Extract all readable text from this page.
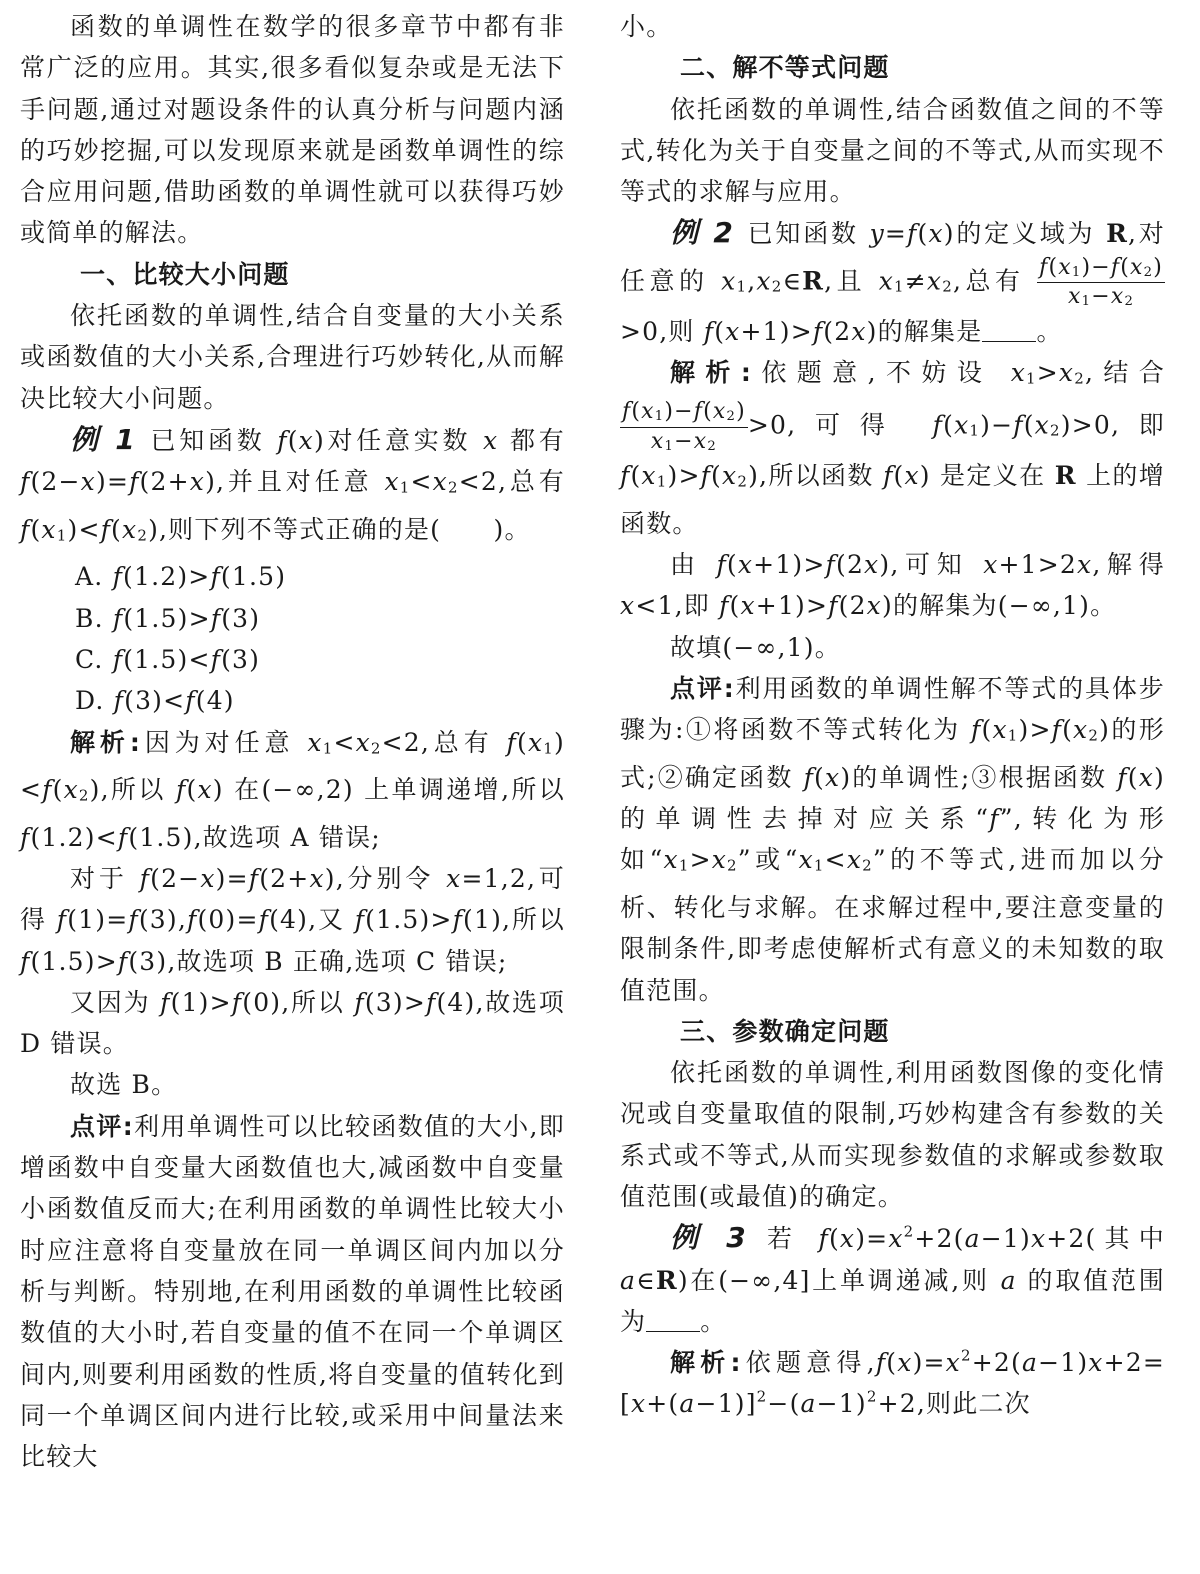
函数的单调性在数学的很多章节中都有非常广泛的应用。其实,很多看似复杂或是无法下手问题,通过对题设条件的认真分析与问题内涵的巧妙挖掘,可以发现原来就是函数单调性的综合应用问题,借助函数的单调性就可以获得巧妙或简单的解法。

一、比较大小问题

依托函数的单调性,结合自变量的大小关系或函数值的大小关系,合理进行巧妙转化,从而解决比较大小问题。

例 1 已知函数 f(x)对任意实数 x 都有 f(2−x)=f(2+x),并且对任意 $x_1<x_2<2$,总有 $f(x_1)<f(x_2)$,则下列不等式正确的是(　　)。

A. f(1.2)>f(1.5)

B. f(1.5)>f(3)

C. f(1.5)<f(3)

D. f(3)<f(4)

解析:因为对任意 $x_1<x_2<2$,总有 $f(x_1)<f(x_2)$,所以 f(x) 在(−∞,2) 上单调递增,所以 f(1.2)<f(1.5),故选项 A 错误;

对于 f(2−x)=f(2+x),分别令 x=1,2,可得 f(1)=f(3),f(0)=f(4),又 f(1.5)>f(1),所以 f(1.5)>f(3),故选项 B 正确,选项 C 错误;

又因为 f(1)>f(0),所以 f(3)>f(4),故选项 D 错误。

故选 B。

点评:利用单调性可以比较函数值的大小,即增函数中自变量大函数值也大,减函数中自变量小函数值反而大;在利用函数的单调性比较大小时应注意将自变量放在同一单调区间内加以分析与判断。特别地,在利用函数的单调性比较函数值的大小时,若自变量的值不在同一个单调区间内,则要利用函数的性质,将自变量的值转化到同一个单调区间内进行比较,或采用中间量法来比较大

小。

二、解不等式问题

依托函数的单调性,结合函数值之间的不等式,转化为关于自变量之间的不等式,从而实现不等式的求解与应用。

例 2 已知函数 y=f(x)的定义域为 R,对任意的 $x_1,x_2\in R$,且 $x_1\ne x_2$,总有 $\frac{f(x_1)-f(x_2)}{x_1-x_2}$
>0,则 f(x+1)>f(2x)的解集是 。

解析:依题意,不妨设 $x_1>x_2$,结合
$\frac{f(x_1)-f(x_2)}{x_1-x_2} >0$,可得 $f(x_1)-f(x_2)>0$,即 $f(x_1)>f(x_2)$,所以函数 f(x) 是定义在 R 上的增函数。

由 f(x+1)>f(2x),可知 x+1>2x,解得 x<1,即 f(x+1)>f(2x)的解集为(−∞,1)。

故填(−∞,1)。

点评:利用函数的单调性解不等式的具体步骤为:①将函数不等式转化为 $f(x_1)>f(x_2)$的形式;②确定函数 f(x)的单调性;③根据函数 f(x)的单调性去掉对应关系“f”,转化为形如“$x_1>x_2$”或“$x_1<x_2$”的不等式,进而加以分析、转化与求解。在求解过程中,要注意变量的限制条件,即考虑使解析式有意义的未知数的取值范围。

三、参数确定问题

依托函数的单调性,利用函数图像的变化情况或自变量取值的限制,巧妙构建含有参数的关系式或不等式,从而实现参数值的求解或参数取值范围(或最值)的确定。

例 3 若 $f(x)=x^2+2(a-1)x+2$(其中 a∈R)在(−∞,4]上单调递减,则 a 的取值范围为 。

解析:依题意得$,f(x)=x^2+2(a-1)x+2=[x+(a-1)]^2-(a-1)^2+2$,则此二次
